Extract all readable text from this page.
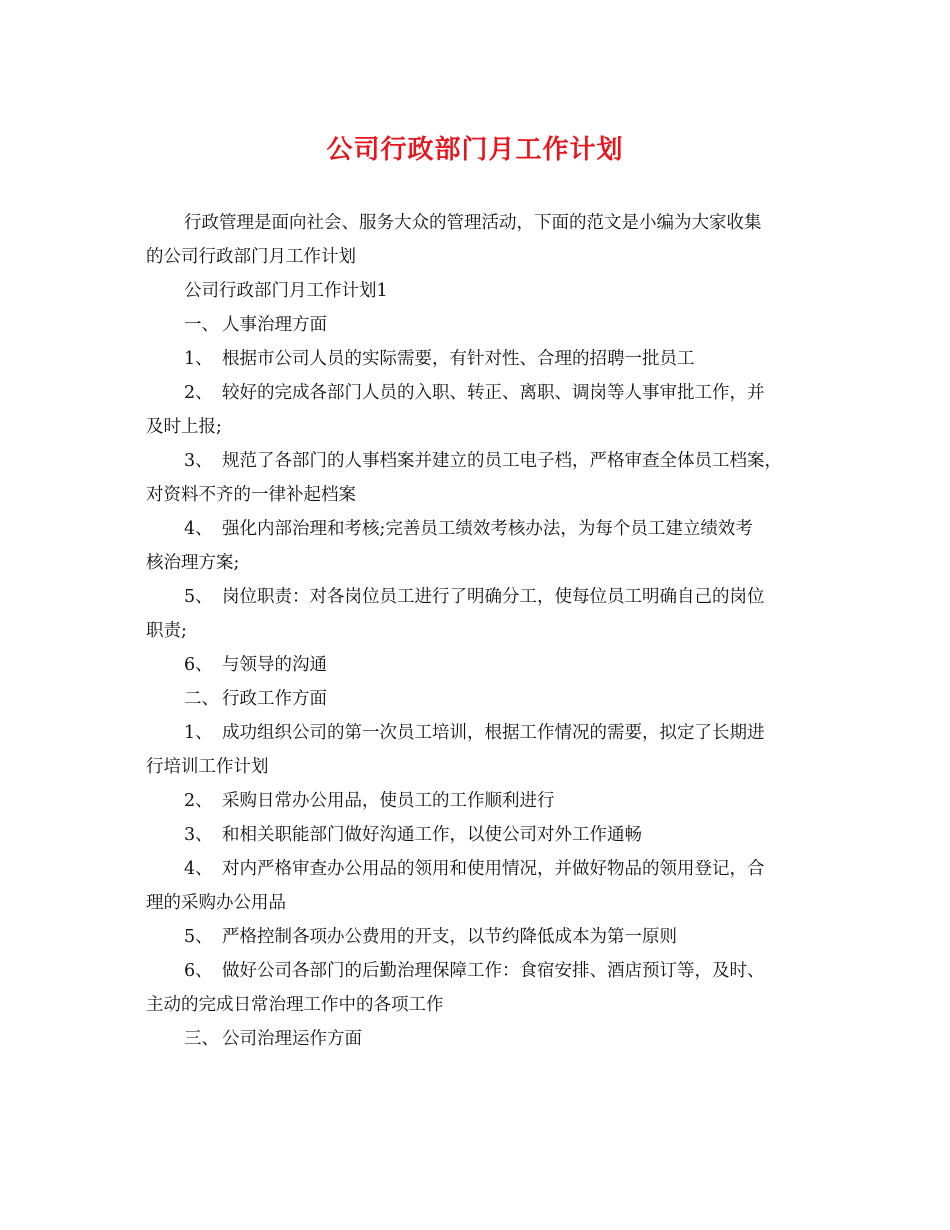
公司行政部门月工作计划
行政管理是面向社会、服务大众的管理活动，下面的范文是小编为大家收集
的公司行政部门月工作计划
公司行政部门月工作计划1
一、 人事治理方面
1、 根据市公司人员的实际需要，有针对性、合理的招聘一批员工
2、 较好的完成各部门人员的入职、转正、离职、调岗等人事审批工作，并
及时上报;
3、 规范了各部门的人事档案并建立的员工电子档，严格审查全体员工档案，
对资料不齐的一律补起档案
4、 强化内部治理和考核;完善员工绩效考核办法，为每个员工建立绩效考
核治理方案;
5、 岗位职责：对各岗位员工进行了明确分工，使每位员工明确自己的岗位
职责;
6、 与领导的沟通
二、 行政工作方面
1、 成功组织公司的第一次员工培训，根据工作情况的需要，拟定了长期进
行培训工作计划
2、 采购日常办公用品，使员工的工作顺利进行
3、 和相关职能部门做好沟通工作，以使公司对外工作通畅
4、 对内严格审查办公用品的领用和使用情况，并做好物品的领用登记，合
理的采购办公用品
5、 严格控制各项办公费用的开支，以节约降低成本为第一原则
6、 做好公司各部门的后勤治理保障工作：食宿安排、酒店预订等，及时、
主动的完成日常治理工作中的各项工作
三、 公司治理运作方面
